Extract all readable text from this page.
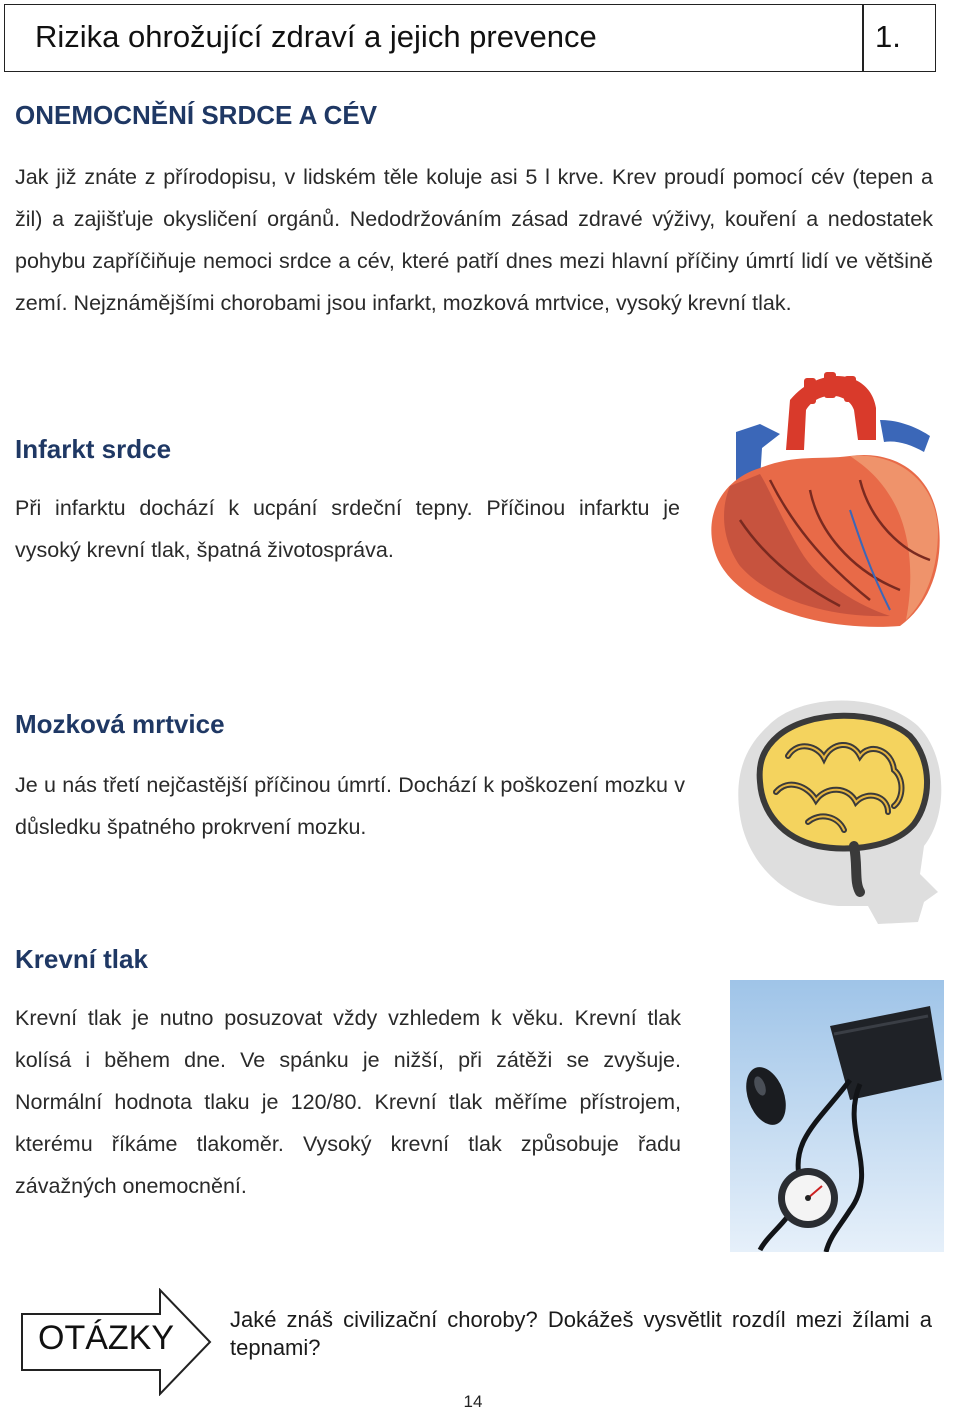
Rizika ohrožující zdraví a jejich prevence	1.
ONEMOCNĚNÍ SRDCE A CÉV

Jak již znáte z přírodopisu, v lidském těle koluje asi 5 l krve. Krev proudí pomocí cév (tepen a žil) a zajišťuje okysličení orgánů. Nedodržováním zásad zdravé výživy, kouření a nedostatek pohybu zapříčiňuje nemoci srdce a cév, které patří dnes mezi hlavní příčiny úmrtí lidí ve většině zemí. Nejznámějšími chorobami jsou infarkt, mozková mrtvice, vysoký krevní tlak.

Infarkt srdce

Při infarktu dochází k ucpání srdeční tepny. Příčinou infarktu je vysoký krevní tlak, špatná životospráva.

Mozková mrtvice

Je u nás třetí nejčastější příčinou úmrtí. Dochází k poškození mozku v důsledku špatného prokrvení mozku.

Krevní tlak

Krevní tlak je nutno posuzovat vždy vzhledem k věku. Krevní tlak kolísá i během dne. Ve spánku je nižší, při zátěži se zvyšuje. Normální hodnota tlaku je 120/80. Krevní tlak měříme přístrojem, kterému říkáme tlakoměr. Vysoký krevní tlak způsobuje řadu závažných onemocnění.

OTÁZKY	Jaké znáš civilizační choroby? Dokážeš vysvětlit rozdíl mezi žílami a tepnami?

14
